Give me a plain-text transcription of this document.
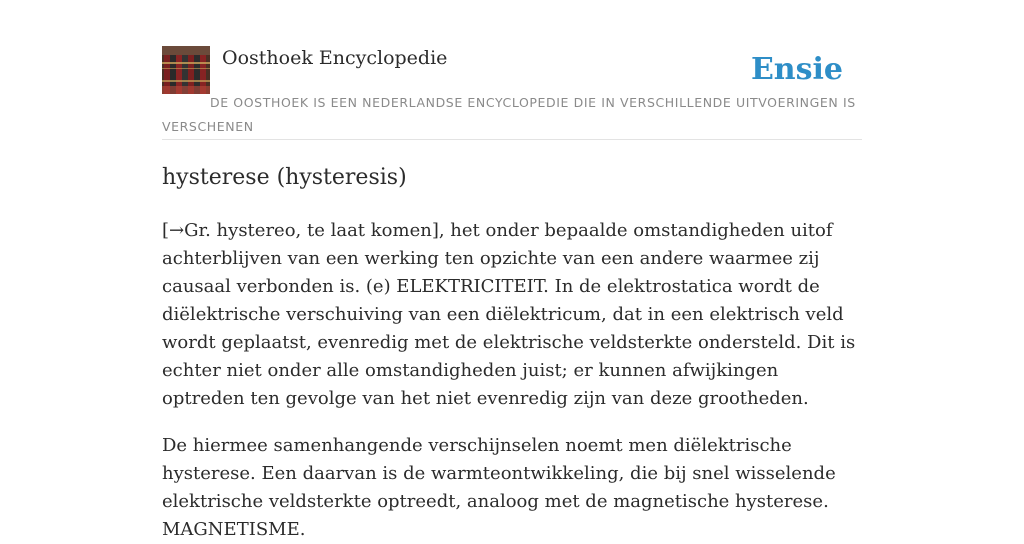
Oosthoek Encyclopedie	Ensie
DE OOSTHOEK IS EEN NEDERLANDSE ENCYCLOPEDIE DIE IN VERSCHILLENDE UITVOERINGEN IS VERSCHENEN
hysterese (hysteresis)

[→Gr. hystereo, te laat komen], het onder bepaalde omstandigheden uitof achterblijven van een werking ten opzichte van een andere waarmee zij causaal verbonden is. (e) ELEKTRICITEIT. In de elektrostatica wordt de diëlektrische verschuiving van een diëlektricum, dat in een elektrisch veld wordt geplaatst, evenredig met de elektrische veldsterkte ondersteld. Dit is echter niet onder alle omstandigheden juist; er kunnen afwijkingen optreden ten gevolge van het niet evenredig zijn van deze grootheden.

De hiermee samenhangende verschijnselen noemt men diëlektrische hysterese. Een daarvan is de warmteontwikkeling, die bij snel wisselende elektrische veldsterkte optreedt, analoog met de magnetische hysterese. MAGNETISME.
